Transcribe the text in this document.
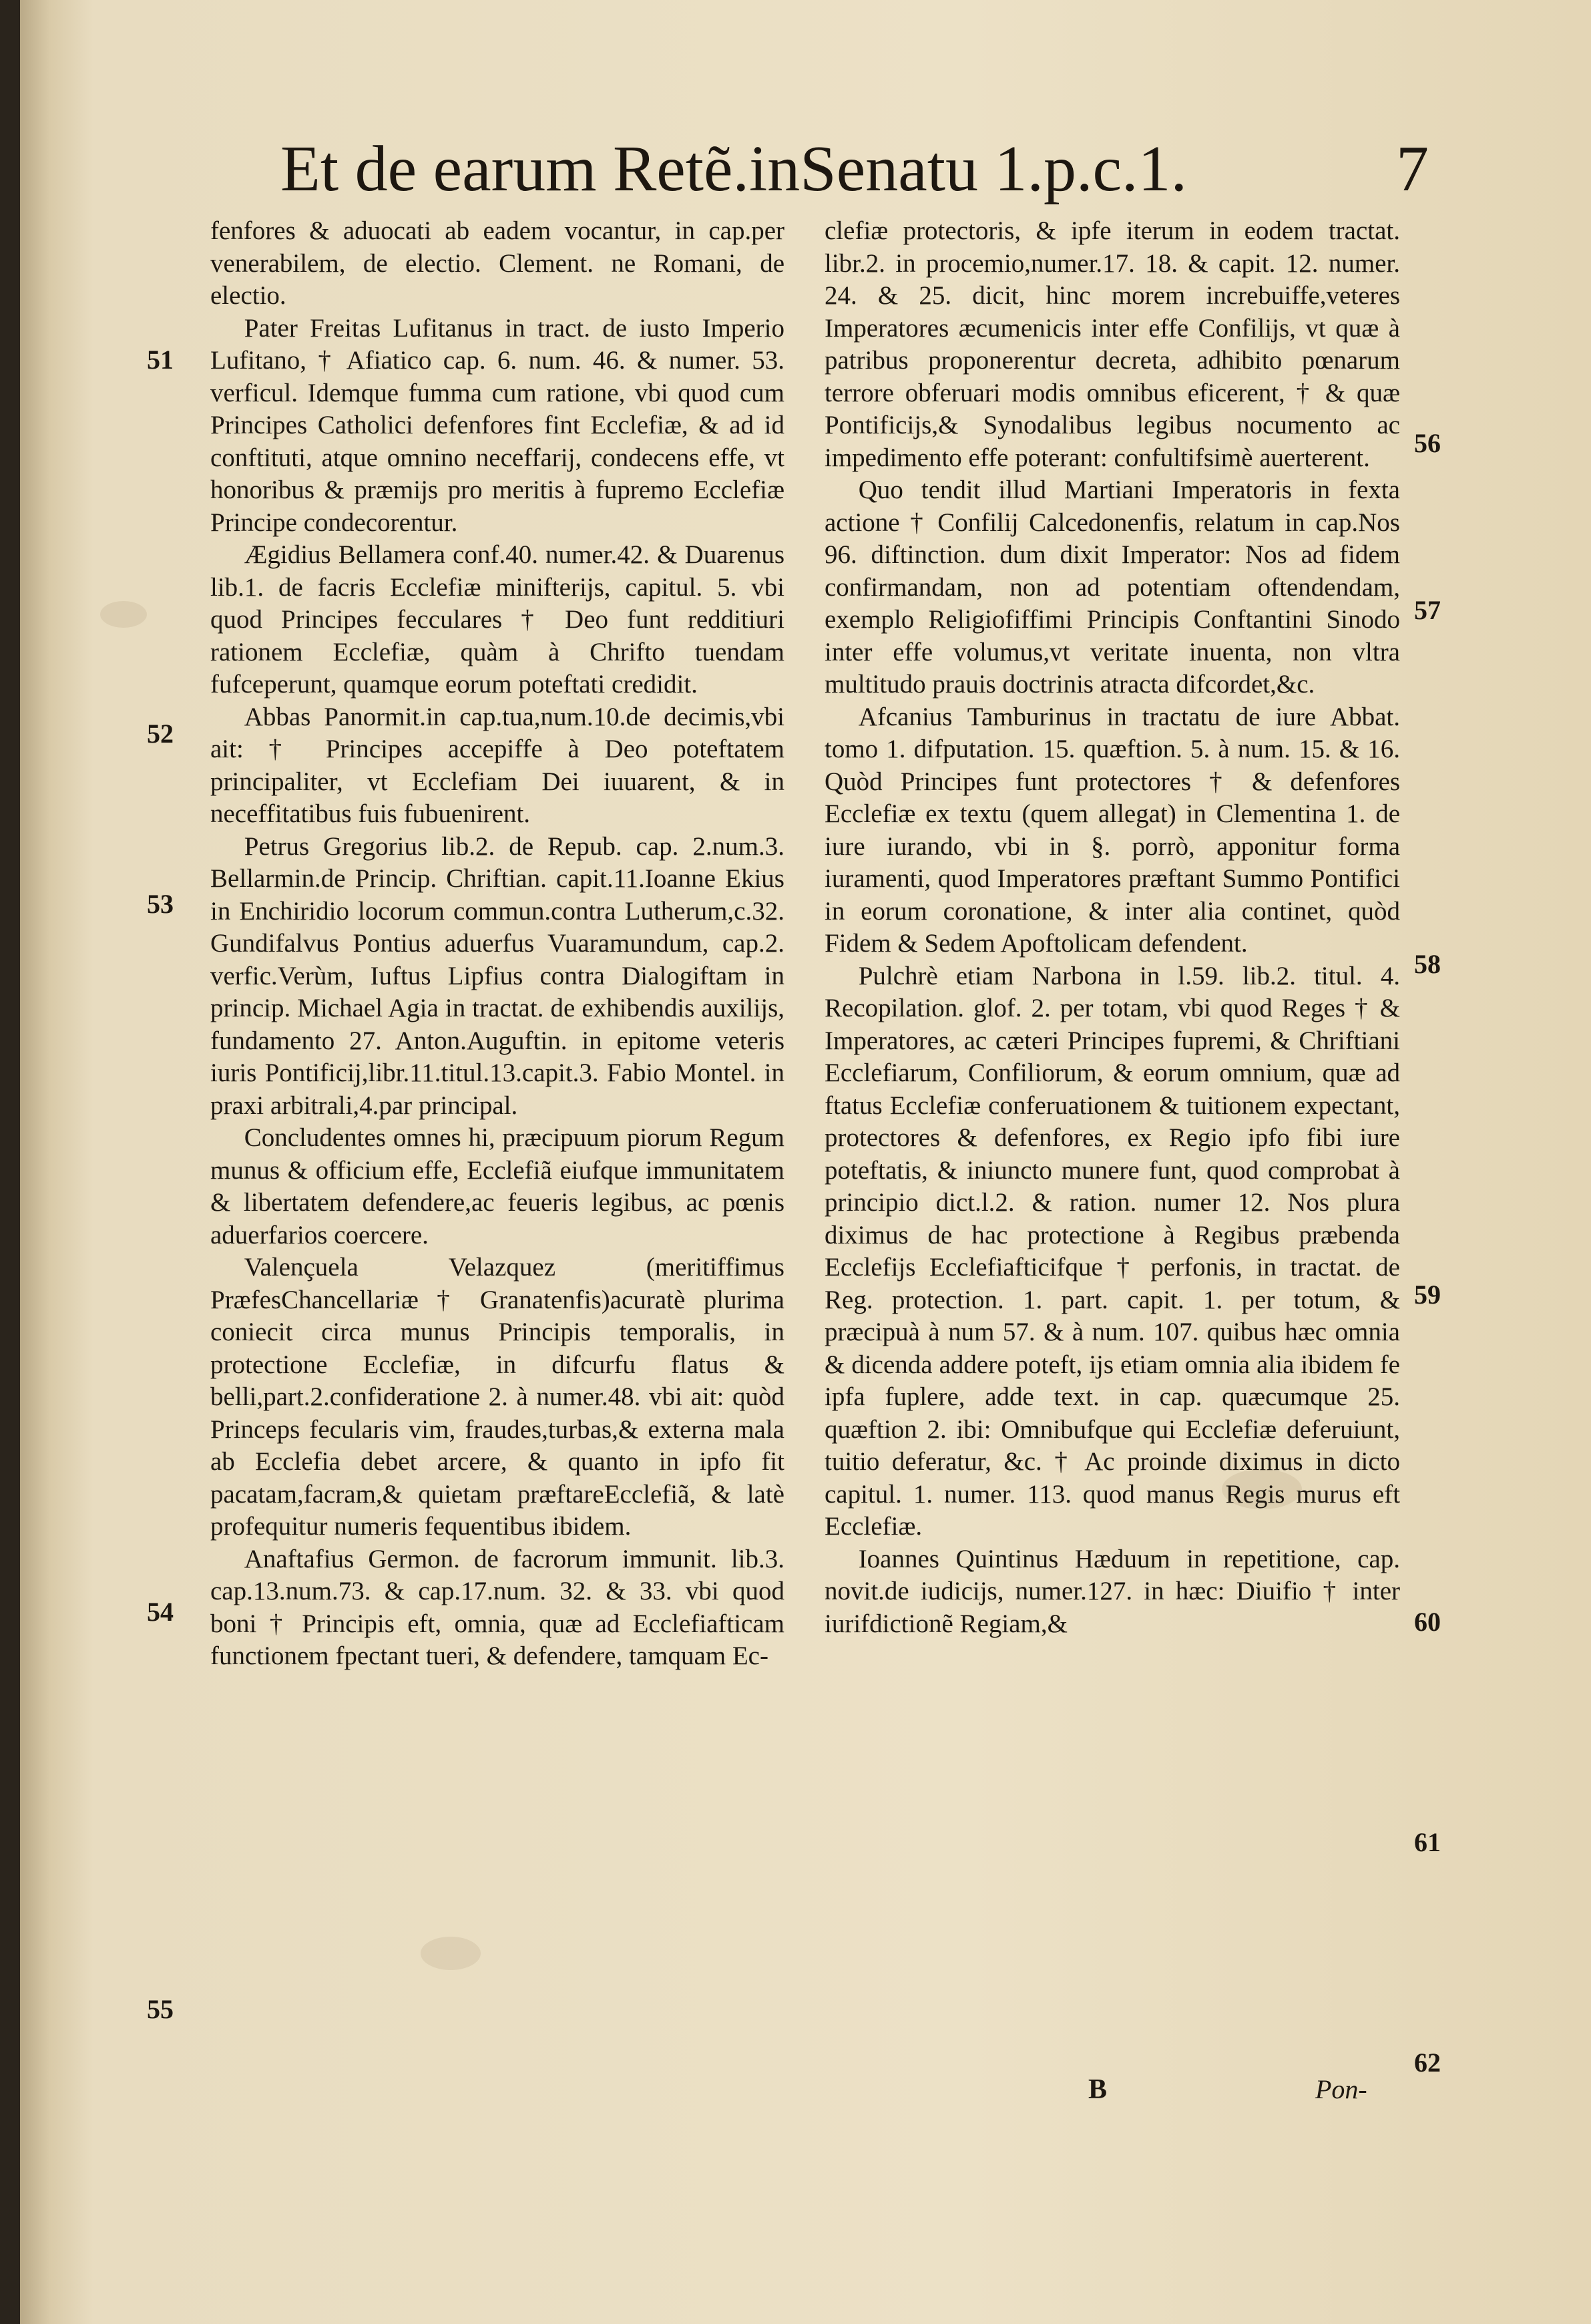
Et de earum Retẽ.inSenatu 1.p.c.1.	7

fenfores & aduocati ab eadem vocantur, in cap.per venerabilem, de electio. Clement. ne Romani, de electio.

Pater Freitas Lufitanus in tract. de iusto Imperio Lufitano, † Afiatico cap. 6. num. 46. & numer. 53. verficul. Idemque fumma cum ratione, vbi quod cum Principes Catholici defenfores fint Ecclefiæ, & ad id conftituti, atque omnino neceffarij, condecens effe, vt honoribus & præmijs pro meritis à fupremo Ecclefiæ Principe condecorentur.

Ægidius Bellamera conf.40. numer.42. & Duarenus lib.1. de facris Ecclefiæ minifterijs, capitul. 5. vbi quod Principes fecculares † Deo funt redditiuri rationem Ecclefiæ, quàm à Chrifto tuendam fufceperunt, quamque eorum poteftati credidit.

Abbas Panormit.in cap.tua,num.10.de decimis,vbi ait: † Principes accepiffe à Deo poteftatem principaliter, vt Ecclefiam Dei iuuarent, & in neceffitatibus fuis fubuenirent.

Petrus Gregorius lib.2. de Repub. cap. 2.num.3. Bellarmin.de Princip. Chriftian. capit.11.Ioanne Ekius in Enchiridio locorum commun.contra Lutherum,c.32. Gundifalvus Pontius aduerfus Vuaramundum, cap.2. verfic.Verùm, Iuftus Lipfius contra Dialogiftam in princip. Michael Agia in tractat. de exhibendis auxilijs, fundamento 27. Anton.Auguftin. in epitome veteris iuris Pontificij,libr.11.titul.13.capit.3. Fabio Montel. in praxi arbitrali,4.par principal.

Concludentes omnes hi, præcipuum piorum Regum munus & officium effe, Ecclefiã eiufque immunitatem & libertatem defendere,ac feueris legibus, ac pœnis aduerfarios coercere.

Valençuela Velazquez (meritiffimus PræfesChancellariæ † Granatenfis)acuratè plurima coniecit circa munus Principis temporalis, in protectione Ecclefiæ, in difcurfu flatus & belli,part.2.confideratione 2. à numer.48. vbi ait: quòd Princeps fecularis vim, fraudes,turbas,& externa mala ab Ecclefia debet arcere, & quanto in ipfo fit pacatam,facram,& quietam præftareEcclefiã, & latè profequitur numeris fequentibus ibidem.

Anaftafius Germon. de facrorum immunit. lib.3. cap.13.num.73. & cap.17.num. 32. & 33. vbi quod boni † Principis eft, omnia, quæ ad Ecclefiafticam functionem fpectant tueri, & defendere, tamquam Ec-

clefiæ protectoris, & ipfe iterum in eodem tractat. libr.2. in procemio,numer.17. 18. & capit. 12. numer. 24. & 25. dicit, hinc morem increbuiffe,veteres Imperatores æcumenicis inter effe Confilijs, vt quæ à patribus proponerentur decreta, adhibito pœnarum terrore obferuari modis omnibus eficerent, † & quæ Pontificijs,& Synodalibus legibus nocumento ac impedimento effe poterant: confultifsimè auerterent.

Quo tendit illud Martiani Imperatoris in fexta actione † Confilij Calcedonenfis, relatum in cap.Nos 96. diftinction. dum dixit Imperator: Nos ad fidem confirmandam, non ad potentiam oftendendam, exemplo Religiofiffimi Principis Conftantini Sinodo inter effe volumus,vt veritate inuenta, non vltra multitudo prauis doctrinis atracta difcordet,&c.

Afcanius Tamburinus in tractatu de iure Abbat. tomo 1. difputation. 15. quæftion. 5. à num. 15. & 16. Quòd Principes funt protectores † & defenfores Ecclefiæ ex textu (quem allegat) in Clementina 1. de iure iurando, vbi in §. porrò, apponitur forma iuramenti, quod Imperatores præftant Summo Pontifici in eorum coronatione, & inter alia continet, quòd Fidem & Sedem Apoftolicam defendent.

Pulchrè etiam Narbona in l.59. lib.2. titul. 4. Recopilation. glof. 2. per totam, vbi quod Reges † & Imperatores, ac cæteri Principes fupremi, & Chriftiani Ecclefiarum, Confiliorum, & eorum omnium, quæ ad ftatus Ecclefiæ conferuationem & tuitionem expectant, protectores & defenfores, ex Regio ipfo fibi iure poteftatis, & iniuncto munere funt, quod comprobat à principio dict.l.2. & ration. numer 12. Nos plura diximus de hac protectione à Regibus præbenda Ecclefijs Ecclefiafticifque † perfonis, in tractat. de Reg. protection. 1. part. capit. 1. per totum, & præcipuà à num 57. & à num. 107. quibus hæc omnia & dicenda addere poteft, ijs etiam omnia alia ibidem fe ipfa fuplere, adde text. in cap. quæcumque 25. quæftion 2. ibi: Omnibufque qui Ecclefiæ deferuiunt, tuitio deferatur, &c. † Ac proinde diximus in dicto capitul. 1. numer. 113. quod manus Regis murus eft Ecclefiæ.

Ioannes Quintinus Hæduum in repetitione, cap. novit.de iudicijs, numer.127. in hæc: Diuifio † inter iurifdictionẽ Regiam,&

51
52
53
54
55
56
57
58
59
60
61
62
B	Pon-
